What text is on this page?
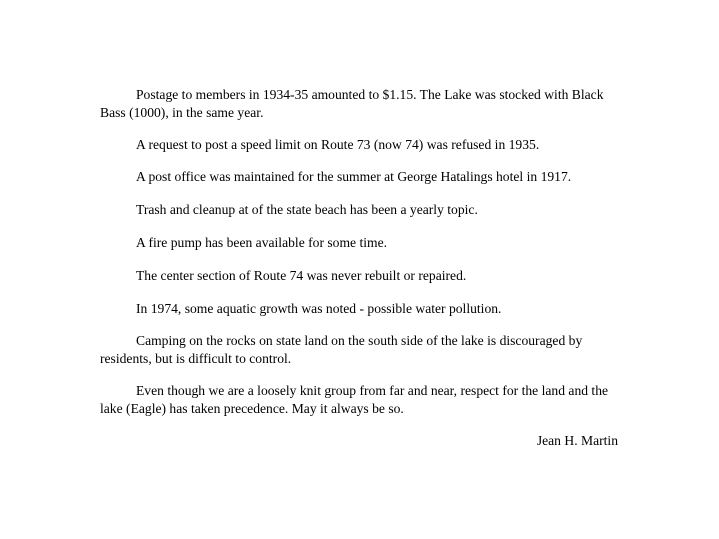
Postage to members in 1934-35 amounted to $1.15. The Lake was stocked with Black Bass (1000), in the same year.

A request to post a speed limit on Route 73 (now 74) was refused in 1935.

A post office was maintained for the summer at George Hatalings hotel in 1917.

Trash and cleanup at of the state beach has been a yearly topic.

A fire pump has been available for some time.

The center section of Route 74 was never rebuilt or repaired.

In 1974, some aquatic growth was noted - possible water pollution.

Camping on the rocks on state land on the south side of the lake is discouraged by residents, but is difficult to control.

Even though we are a loosely knit group from far and near, respect for the land and the lake (Eagle) has taken precedence. May it always be so.

Jean H. Martin
